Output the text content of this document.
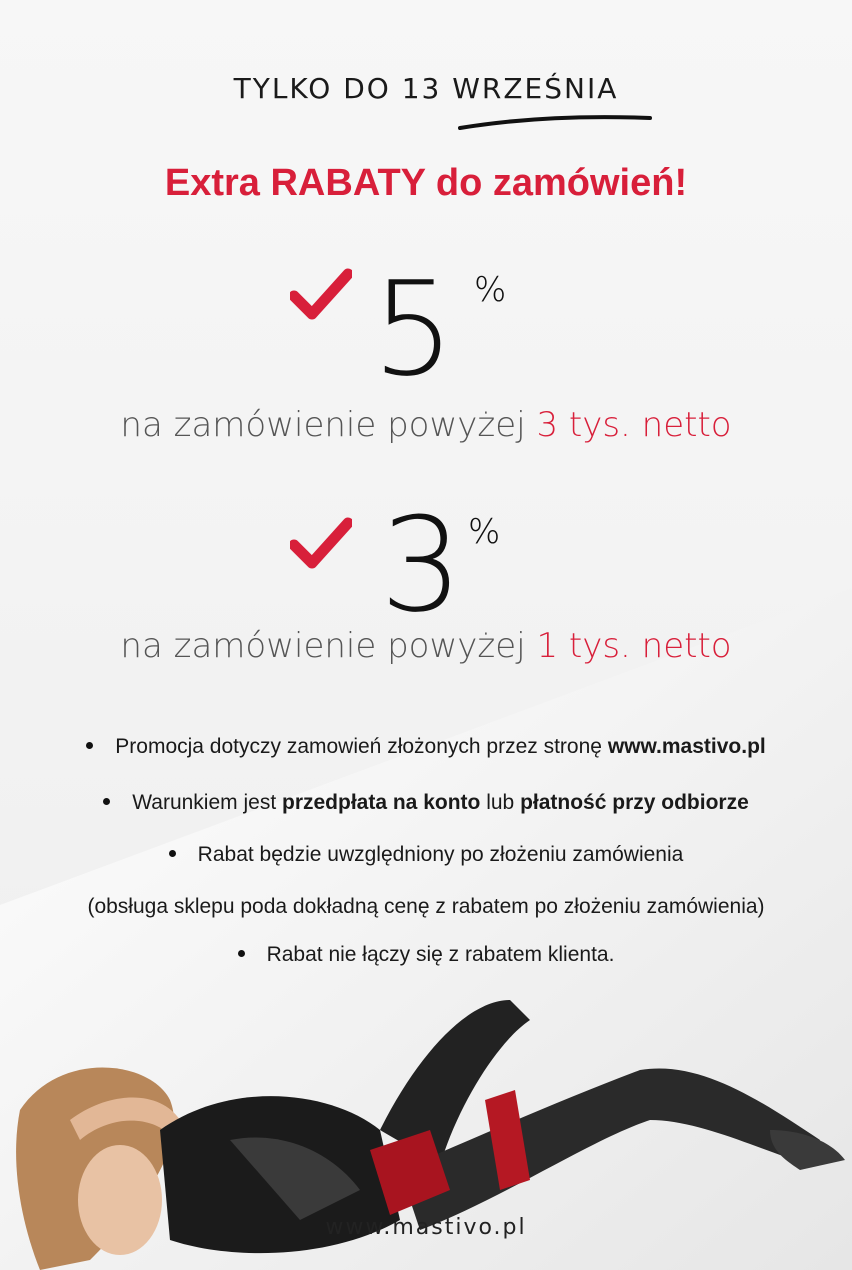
TYLKO DO 13 WRZEŚNIA
Extra RABATY do zamówień!
5 %
na zamówienie powyżej 3 tys. netto
3 %
na zamówienie powyżej 1 tys. netto
Promocja dotyczy zamowień złożonych przez stronę www.mastivo.pl
Warunkiem jest przedpłata na konto lub płatność przy odbiorze
Rabat będzie uwzględniony po złożeniu zamówienia
(obsługa sklepu poda dokładną cenę z rabatem po złożeniu zamówienia)
Rabat nie łączy się z rabatem klienta.
www.mastivo.pl
